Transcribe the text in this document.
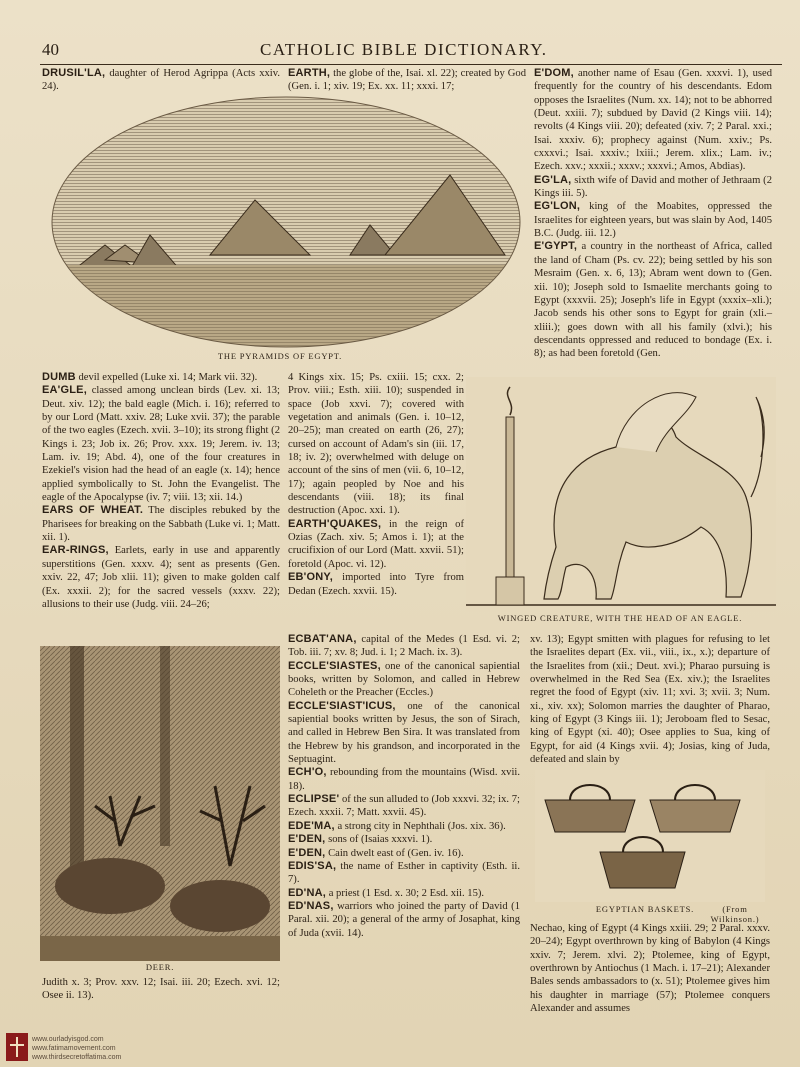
40	CATHOLIC BIBLE DICTIONARY.

DRUSIL'LA, daughter of Herod Agrippa (Acts xxiv. 24).

EARTH, the globe of the, Isai. xl. 22); created by God (Gen. i. 1; xiv. 19; Ex. xx. 11; xxxi. 17;

E'DOM, another name of Esau (Gen. xxxvi. 1), used frequently for the country of his descendants. Edom opposes the Israelites (Num. xx. 14); not to be abhorred (Deut. xxiii. 7); subdued by David (2 Kings viii. 14); revolts (4 Kings viii. 20); defeated (xiv. 7; 2 Paral. xxi.; Isai. xxxiv. 6); prophecy against (Num. xxiv.; Ps. cxxxvi.; Isai. xxxiv.; lxiii.; Jerem. xlix.; Lam. iv.; Ezech. xxv.; xxxii.; xxxv.; xxxvi.; Amos, Abdias).

EG'LA, sixth wife of David and mother of Jethraam (2 Kings iii. 5).

EG'LON, king of the Moabites, oppressed the Israelites for eighteen years, but was slain by Aod, 1405 B.C. (Judg. iii. 12.)

E'GYPT, a country in the northeast of Africa, called the land of Cham (Ps. cv. 22); being settled by his son Mesraim (Gen. x. 6, 13); Abram went down to (Gen. xii. 10); Joseph sold to Ismaelite merchants going to Egypt (xxxvii. 25); Joseph's life in Egypt (xxxix–xli.); Jacob sends his other sons to Egypt for grain (xli.–xliii.); goes down with all his family (xlvi.); his descendants oppressed and reduced to bondage (Ex. i. 8); as had been foretold (Gen.

THE PYRAMIDS OF EGYPT.

DUMB devil expelled (Luke xi. 14; Mark vii. 32).

EA'GLE, classed among unclean birds (Lev. xi. 13; Deut. xiv. 12); the bald eagle (Mich. i. 16); referred to by our Lord (Matt. xxiv. 28; Luke xvii. 37); the parable of the two eagles (Ezech. xvii. 3–10); its strong flight (2 Kings i. 23; Job ix. 26; Prov. xxx. 19; Jerem. iv. 13; Lam. iv. 19; Abd. 4), one of the four creatures in Ezekiel's vision had the head of an eagle (x. 14); hence applied symbolically to St. John the Evangelist. The eagle of the Apocalypse (iv. 7; viii. 13; xii. 14.)

EARS OF WHEAT. The disciples rebuked by the Pharisees for breaking on the Sabbath (Luke vi. 1; Matt. xii. 1).

EAR-RINGS, Earlets, early in use and apparently superstitions (Gen. xxxv. 4); sent as presents (Gen. xxiv. 22, 47; Job xlii. 11); given to make golden calf (Ex. xxxii. 2); for the sacred vessels (xxxv. 22); allusions to their use (Judg. viii. 24–26;

4 Kings xix. 15; Ps. cxiii. 15; cxx. 2; Prov. viii.; Esth. xiii. 10); suspended in space (Job xxvi. 7); covered with vegetation and animals (Gen. i. 10–12, 20–25); man created on earth (26, 27); cursed on account of Adam's sin (iii. 17, 18; iv. 2); overwhelmed with deluge on account of the sins of men (vii. 6, 10–12, 17); again peopled by Noe and his descendants (viii. 18); its final destruction (Apoc. xxi. 1).

EARTH'QUAKES, in the reign of Ozias (Zach. xiv. 5; Amos i. 1); at the crucifixion of our Lord (Matt. xxvii. 51); foretold (Apoc. vi. 12).

EB'ONY, imported into Tyre from Dedan (Ezech. xxvii. 15).

WINGED CREATURE, WITH THE HEAD OF AN EAGLE.
DEER.
Judith x. 3; Prov. xxv. 12; Isai. iii. 20; Ezech. xvi. 12; Osee ii. 13).

ECBAT'ANA, capital of the Medes (1 Esd. vi. 2; Tob. iii. 7; xv. 8; Jud. i. 1; 2 Mach. ix. 3).

ECCLE'SIASTES, one of the canonical sapiential books, written by Solomon, and called in Hebrew Coheleth or the Preacher (Eccles.)

ECCLE'SIAST'ICUS, one of the canonical sapiential books written by Jesus, the son of Sirach, and called in Hebrew Ben Sira. It was translated from the Hebrew by his grandson, and incorporated in the Septuagint.

ECH'O, rebounding from the mountains (Wisd. xvii. 18).

ECLIPSE' of the sun alluded to (Job xxxvi. 32; ix. 7; Ezech. xxxii. 7; Matt. xxvii. 45).

EDE'MA, a strong city in Nephthali (Jos. xix. 36).

E'DEN, sons of (Isaias xxxvi. 1).

E'DEN, Cain dwelt east of (Gen. iv. 16).

EDIS'SA, the name of Esther in captivity (Esth. ii. 7).

ED'NA, a priest (1 Esd. x. 30; 2 Esd. xii. 15).

ED'NAS, warriors who joined the party of David (1 Paral. xii. 20); a general of the army of Josaphat, king of Juda (xvii. 14).

xv. 13); Egypt smitten with plagues for refusing to let the Israelites depart (Ex. vii., viii., ix., x.); departure of the Israelites from (xii.; Deut. xvi.); Pharao pursuing is overwhelmed in the Red Sea (Ex. xiv.); the Israelites regret the food of Egypt (xiv. 11; xvi. 3; xvii. 3; Num. xi., xiv. xx); Solomon marries the daughter of Pharao, king of Egypt (3 Kings iii. 1); Jeroboam fled to Sesac, king of Egypt (xi. 40); Osee applies to Sua, king of Egypt, for aid (4 Kings xvii. 4); Josias, king of Juda, defeated and slain by
EGYPTIAN BASKETS.	(From Wilkinson.)
Nechao, king of Egypt (4 Kings xxiii. 29; 2 Paral. xxxv. 20–24); Egypt overthrown by king of Babylon (4 Kings xxiv. 7; Jerem. xlvi. 2); Ptolemee, king of Egypt, overthrown by Antiochus (1 Mach. i. 17–21); Alexander Bales sends ambassadors to (x. 51); Ptolemee gives him his daughter in marriage (57); Ptolemee conquers Alexander and assumes
www.ourladyisgod.com
www.fatimamovement.com
www.thirdsecretoffatima.com
